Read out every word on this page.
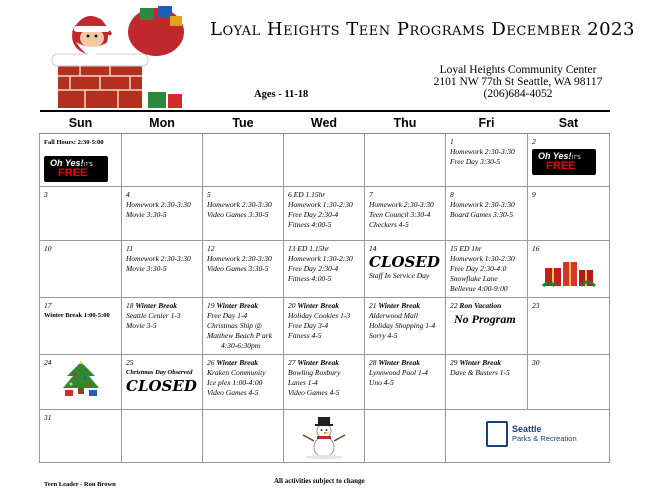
Loyal Heights Teen Programs December 2023
Loyal Heights Community Center
2101 NW 77th St Seattle, WA 98117
(206)684-4052
Ages - 11-18
Sun	Mon	Tue	Wed	Thu	Fri	Sat
Fall Hours: 2:30-5:00
Oh Yes! IT'S
FREE					1
Homework 2:30-3:30
Free Day 3:30-5	2
Oh Yes! IT'S
FREE

3	4
Homework 2:30-3:30
Movie 3:30-5	5
Homework 2:30-3:30
Video Games 3:30-5	6 ED 1.15hr
Homework 1:30-2:30
Free Day 2:30-4
Fitness 4:00-5	7
Homework 2:30-3:30
Teen Council 3:30-4
Checkers 4-5	8
Homework 2:30-3:30
Board Games 3:30-5	9

10	11
Homework 2:30-3:30
Movie 3:30-5	12
Homework 2:30-3:30
Video Games 3:30-5	13 ED 1.15hr
Homework 1:30-2:30
Free Day 2:30-4
Fitness 4:00-5	14
CLOSED
Staff In Service Day	15 ED 1hr
Homework 1:30-2:30
Free Day 2:30-4:0
Snowflake Lane
Bellevue 4:00-9:00	16

17
Winter Break 1:00-5:00	18 Winter Break
Seattle Center 1-3
Movie 3-5	19 Winter Break
Free Day 1-4
Christmas Ship @
Matthew Beach P ark
4:30-6:30pm	20 Winter Break
Holiday Cookies 1-3
Free Day 3-4
Fitness 4-5	21 Winter Break
Alderwood Mall
Holiday Shopping 1-4
Sorry 4-5	22 Ron Vacation
No Program	23

24	25
Christmas Day Observed
CLOSED	26 Winter Break
Kraken Community
Ice plex 1:00-4:00
Video Games 4-5	27 Winter Break
Bowling Roxbury
Lanes 1-4
Video Games 4-5	28 Winter Break
Lynnwood Pool 1-4
Uno 4-5	29 Winter Break
Dave & Busters 1-5	30

31					Seattle
Parks & Recreation	
Teen Leader - Ron Brown	All activities subject to change
